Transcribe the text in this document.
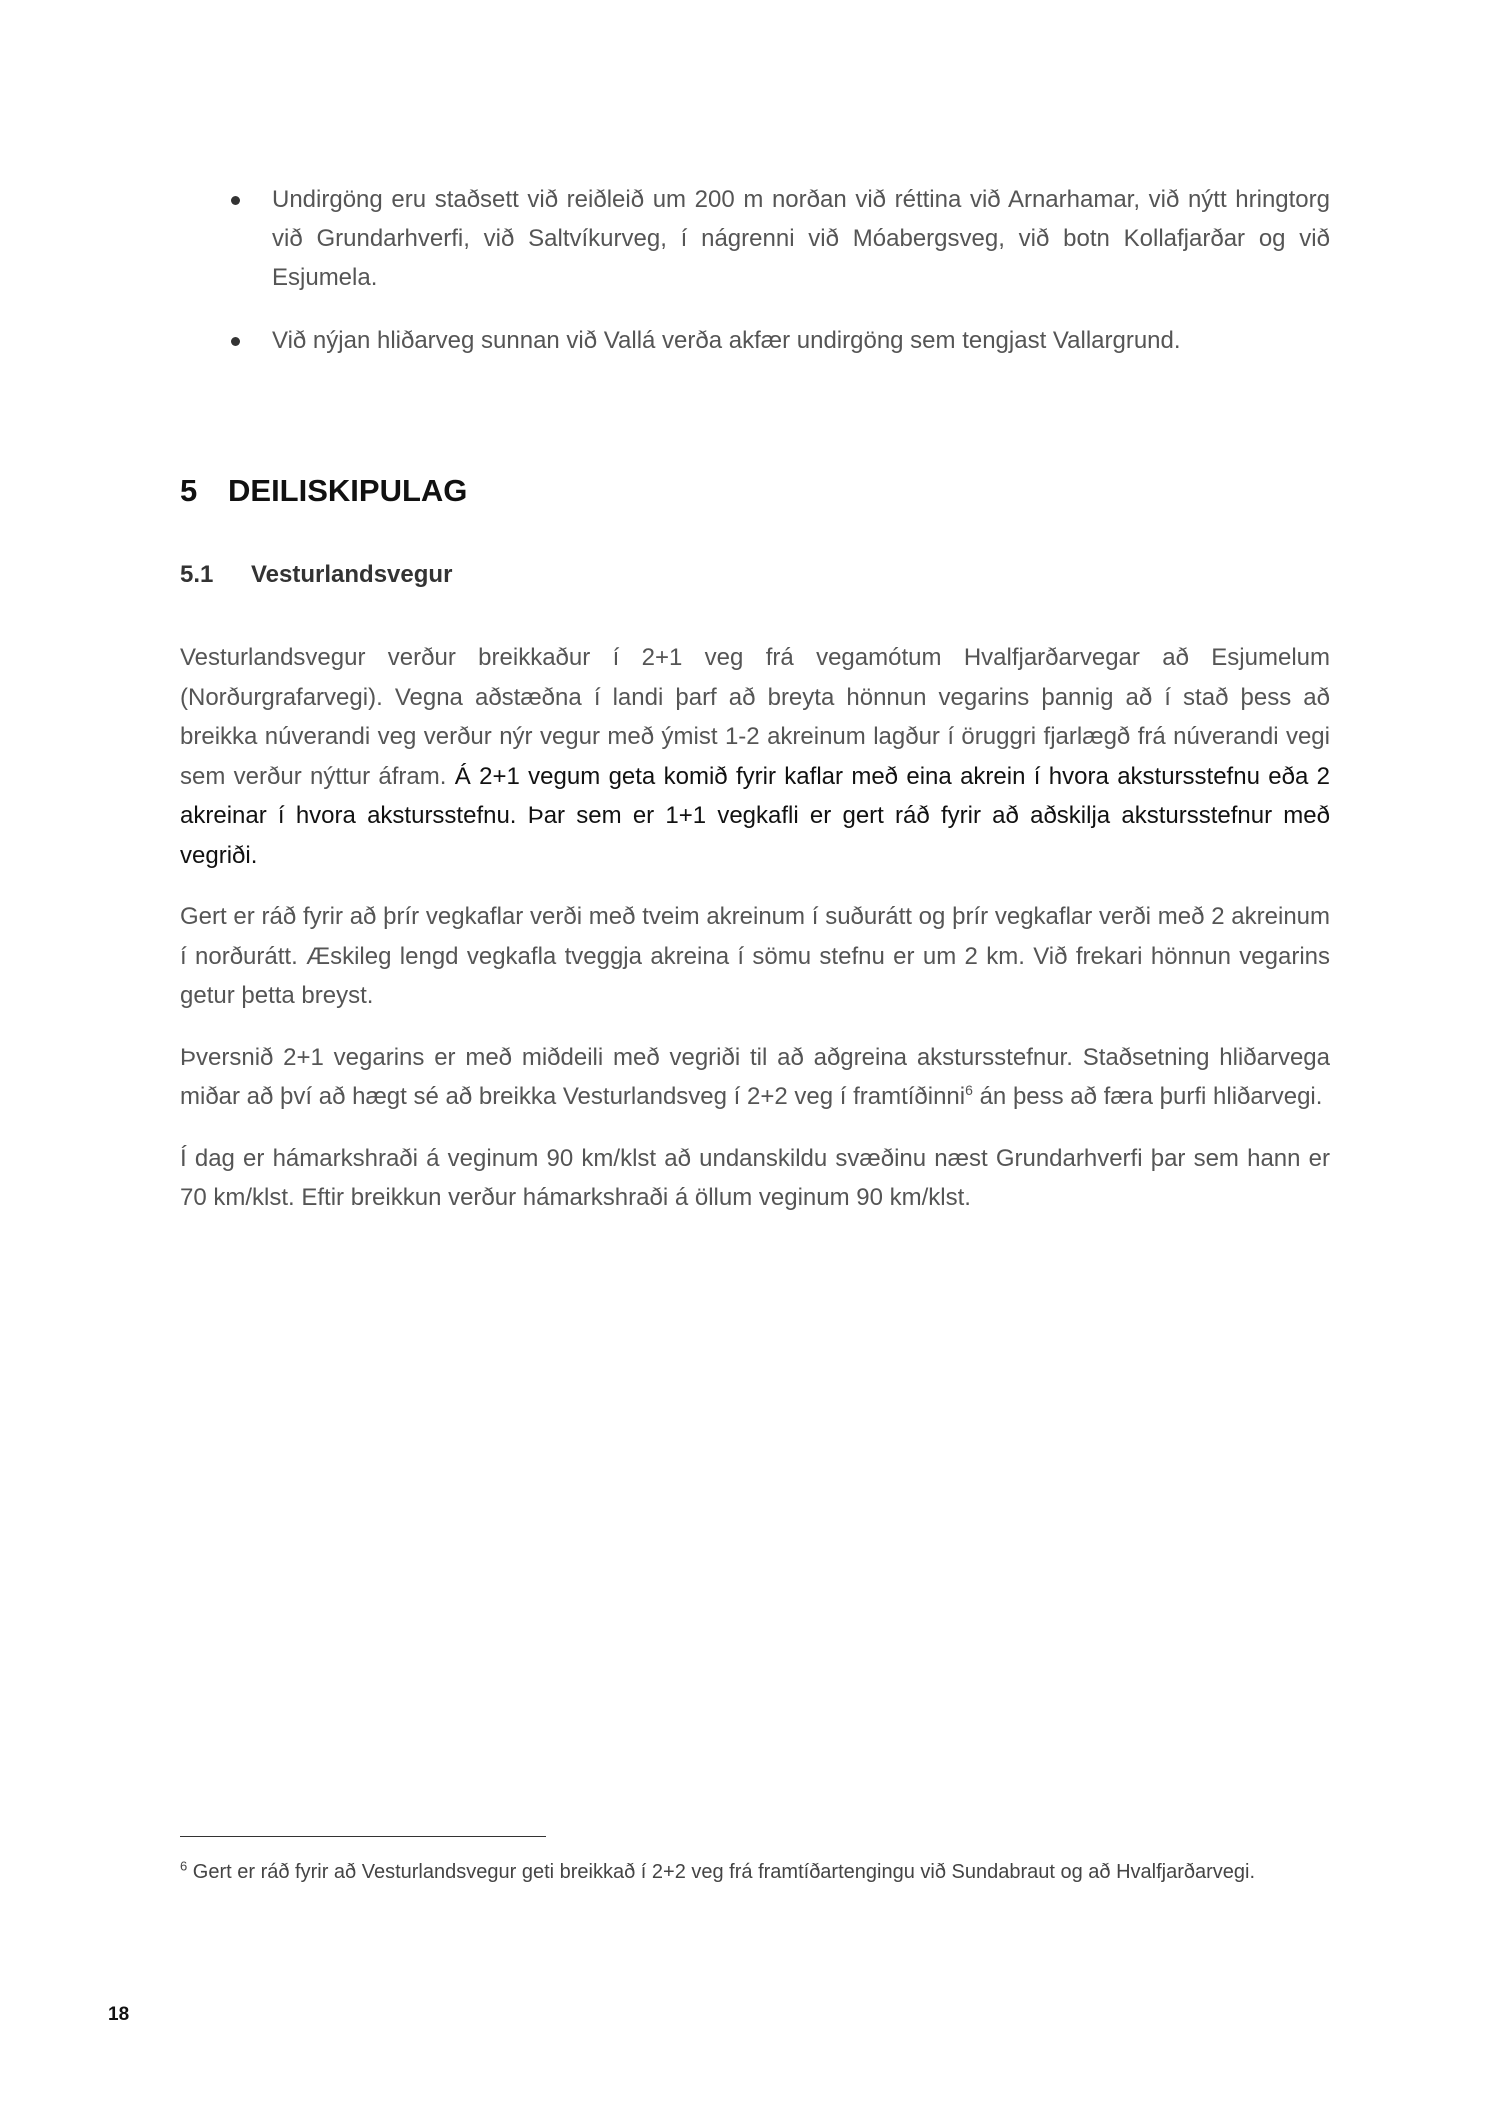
Undirgöng eru staðsett við reiðleið um 200 m norðan við réttina við Arnarhamar, við nýtt hringtorg við Grundarhverfi, við Saltvíkurveg, í nágrenni við Móabergsveg, við botn Kollafjarðar og við Esjumela.
Við nýjan hliðarveg sunnan við Vallá verða akfær undirgöng sem tengjast Vallargrund.
5 DEILISKIPULAG
5.1 Vesturlandsvegur

Vesturlandsvegur verður breikkaður í 2+1 veg frá vegamótum Hvalfjarðarvegar að Esjumelum (Norðurgrafarvegi). Vegna aðstæðna í landi þarf að breyta hönnun vegarins þannig að í stað þess að breikka núverandi veg verður nýr vegur með ýmist 1-2 akreinum lagður í öruggri fjarlægð frá núverandi vegi sem verður nýttur áfram. Á 2+1 vegum geta komið fyrir kaflar með eina akrein í hvora akstursstefnu eða 2 akreinar í hvora akstursstefnu. Þar sem er 1+1 vegkafli er gert ráð fyrir að aðskilja akstursstefnur með vegriði.

Gert er ráð fyrir að þrír vegkaflar verði með tveim akreinum í suðurátt og þrír vegkaflar verði með 2 akreinum í norðurátt. Æskileg lengd vegkafla tveggja akreina í sömu stefnu er um 2 km. Við frekari hönnun vegarins getur þetta breyst.

Þversnið 2+1 vegarins er með miðdeili með vegriði til að aðgreina akstursstefnur. Staðsetning hliðarvega miðar að því að hægt sé að breikka Vesturlandsveg í 2+2 veg í framtíðinni$^6$ án þess að færa þurfi hliðarvegi.

Í dag er hámarkshraði á veginum 90 km/klst að undanskildu svæðinu næst Grundarhverfi þar sem hann er 70 km/klst. Eftir breikkun verður hámarkshraði á öllum veginum 90 km/klst.

$^6$ Gert er ráð fyrir að Vesturlandsvegur geti breikkað í 2+2 veg frá framtíðartengingu við Sundabraut og að Hvalfjarðarvegi.

18
